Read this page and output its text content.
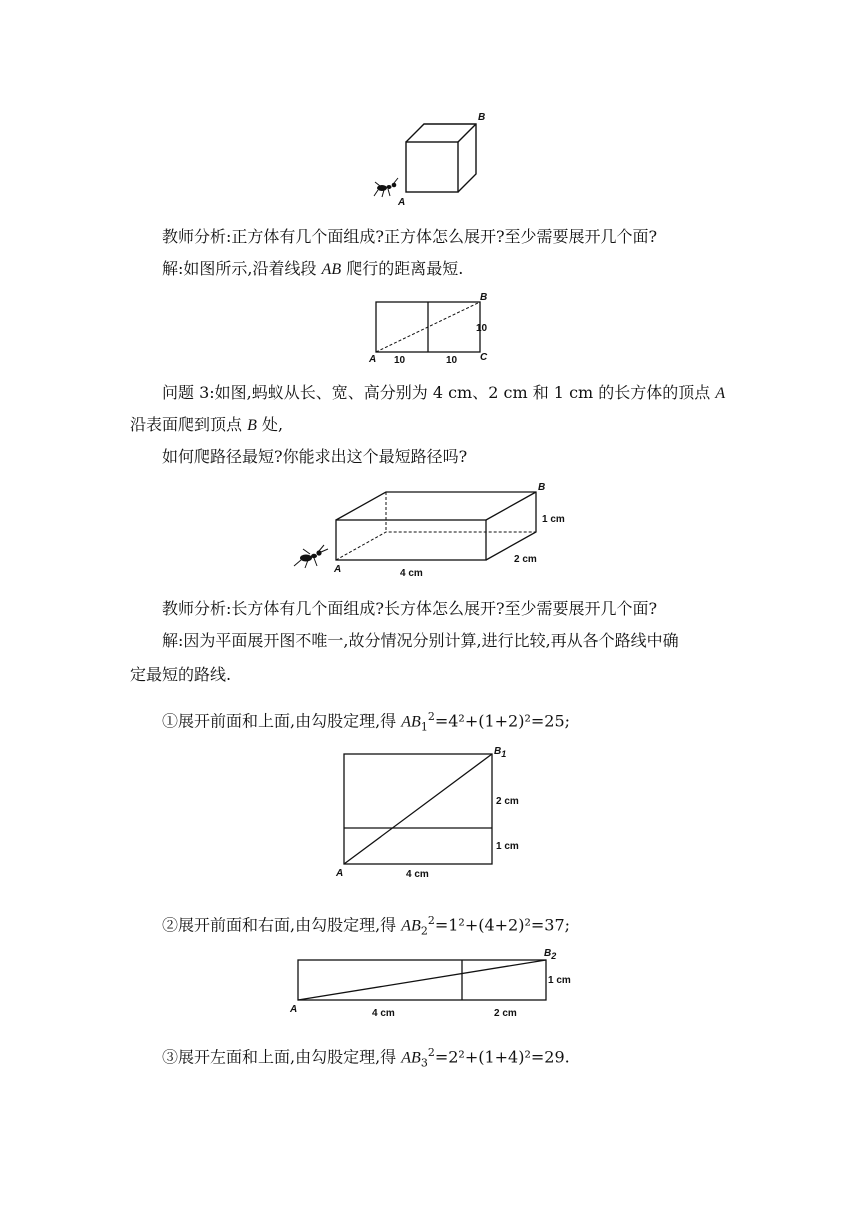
A
B
教师分析:正方体有几个面组成?正方体怎么展开?至少需要展开几个面?
解:如图所示,沿着线段 AB 爬行的距离最短.
A
B
C
10	10
10
问题 3:如图,蚂蚁从长、宽、高分别为 4 cm、2 cm 和 1 cm 的长方体的顶点 A
沿表面爬到顶点 B 处,
如何爬路径最短?你能求出这个最短路径吗?
A
B
4 cm
2 cm
1 cm
教师分析:长方体有几个面组成?长方体怎么展开?至少需要展开几个面?
解:因为平面展开图不唯一,故分情况分别计算,进行比较,再从各个路线中确
定最短的路线.
①展开前面和上面,由勾股定理,得 $AB_1^2=4^2+(1+2)^2=25$;
A
B1
2 cm
1 cm
4 cm
②展开前面和右面,由勾股定理,得 $AB_2^2=1^2+(4+2)^2=37$;
A
B2
1 cm
4 cm	2 cm
③展开左面和上面,由勾股定理,得 $AB_3^2=2^2+(1+4)^2=29$.
